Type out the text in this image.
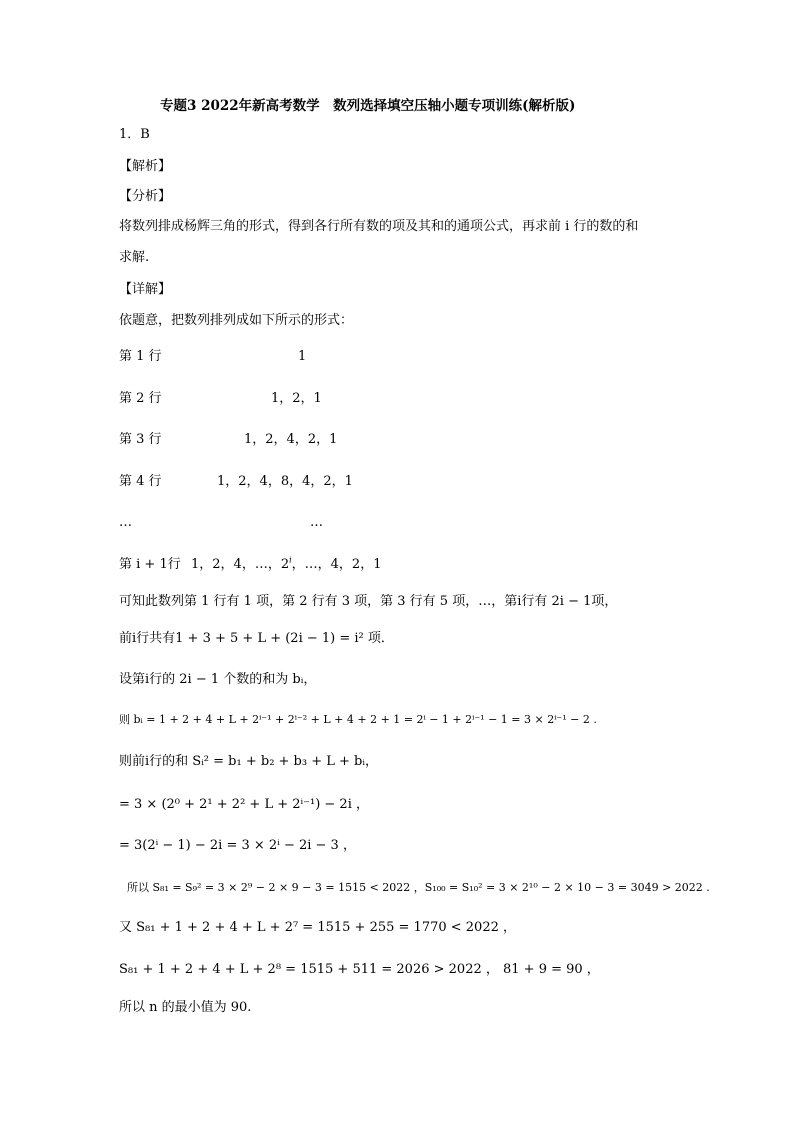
专题3 2022年新高考数学　数列选择填空压轴小题专项训练(解析版)
1．B
【解析】
【分析】
将数列排成杨辉三角的形式，得到各行所有数的项及其和的通项公式，再求前 i 行的数的和
求解.
【详解】
依题意，把数列排列成如下所示的形式：
第 1 行	1
第 2 行	1，2，1
第 3 行	1，2，4，2，1
第 4 行	1，2，4，8，4，2，1
…	…
第 i + 1行 1，2，4，…，2$^i$，…，4，2，1
可知此数列第 1 行有 1 项，第 2 行有 3 项，第 3 行有 5 项，…，第i行有 2i − 1项，
前i行共有1 + 3 + 5 + L + (2i − 1) = i² 项．
设第i行的 2i − 1 个数的和为 bᵢ，
则 bᵢ = 1 + 2 + 4 + L + 2ⁱ⁻¹ + 2ⁱ⁻² + L + 4 + 2 + 1 = 2ⁱ − 1 + 2ⁱ⁻¹ − 1 = 3 × 2ⁱ⁻¹ − 2 .
则前i行的和 Sᵢ² = b₁ + b₂ + b₃ + L + bᵢ，
= 3 × (2⁰ + 2¹ + 2² + L + 2ⁱ⁻¹) − 2i ，
= 3(2ⁱ − 1) − 2i = 3 × 2ⁱ − 2i − 3 ，
所以 S₈₁ = S₉² = 3 × 2⁹ − 2 × 9 − 3 = 1515 < 2022 ，S₁₀₀ = S₁₀² = 3 × 2¹⁰ − 2 × 10 − 3 = 3049 > 2022 .
又 S₈₁ + 1 + 2 + 4 + L + 2⁷ = 1515 + 255 = 1770 < 2022 ，
S₈₁ + 1 + 2 + 4 + L + 2⁸ = 1515 + 511 = 2026 > 2022 ， 81 + 9 = 90 ，
所以 n 的最小值为 90.
